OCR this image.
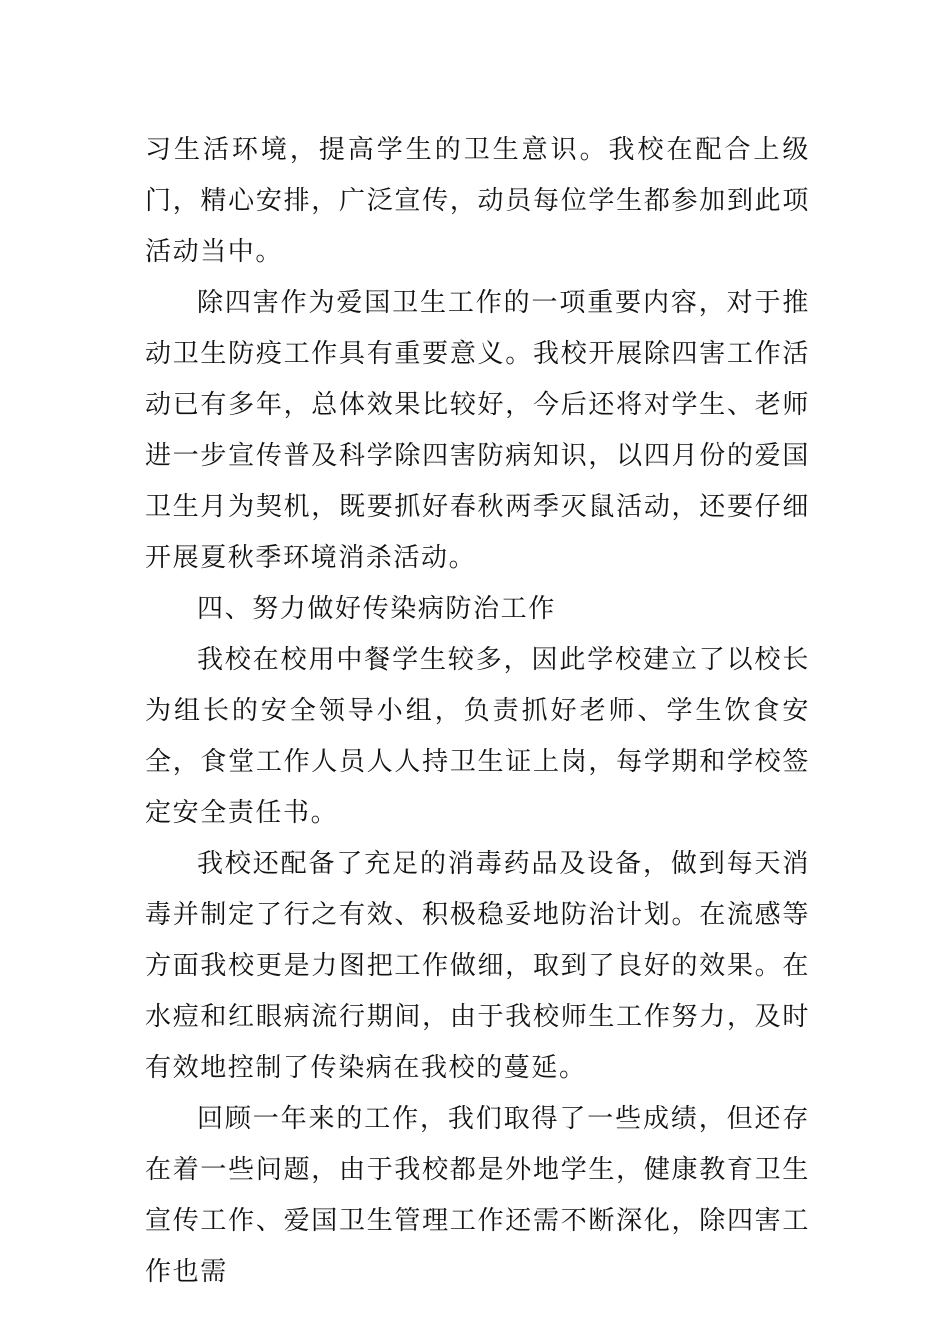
习生活环境，提高学生的卫生意识。我校在配合上级门，精心安排，广泛宣传，动员每位学生都参加到此项活动当中。

除四害作为爱国卫生工作的一项重要内容，对于推动卫生防疫工作具有重要意义。我校开展除四害工作活动已有多年，总体效果比较好，今后还将对学生、老师进一步宣传普及科学除四害防病知识，以四月份的爱国卫生月为契机，既要抓好春秋两季灭鼠活动，还要仔细开展夏秋季环境消杀活动。

四、努力做好传染病防治工作

我校在校用中餐学生较多，因此学校建立了以校长为组长的安全领导小组，负责抓好老师、学生饮食安全，食堂工作人员人人持卫生证上岗，每学期和学校签定安全责任书。

我校还配备了充足的消毒药品及设备，做到每天消毒并制定了行之有效、积极稳妥地防治计划。在流感等方面我校更是力图把工作做细，取到了良好的效果。在水痘和红眼病流行期间，由于我校师生工作努力，及时有效地控制了传染病在我校的蔓延。

回顾一年来的工作，我们取得了一些成绩，但还存在着一些问题，由于我校都是外地学生，健康教育卫生宣传工作、爱国卫生管理工作还需不断深化，除四害工作也需
